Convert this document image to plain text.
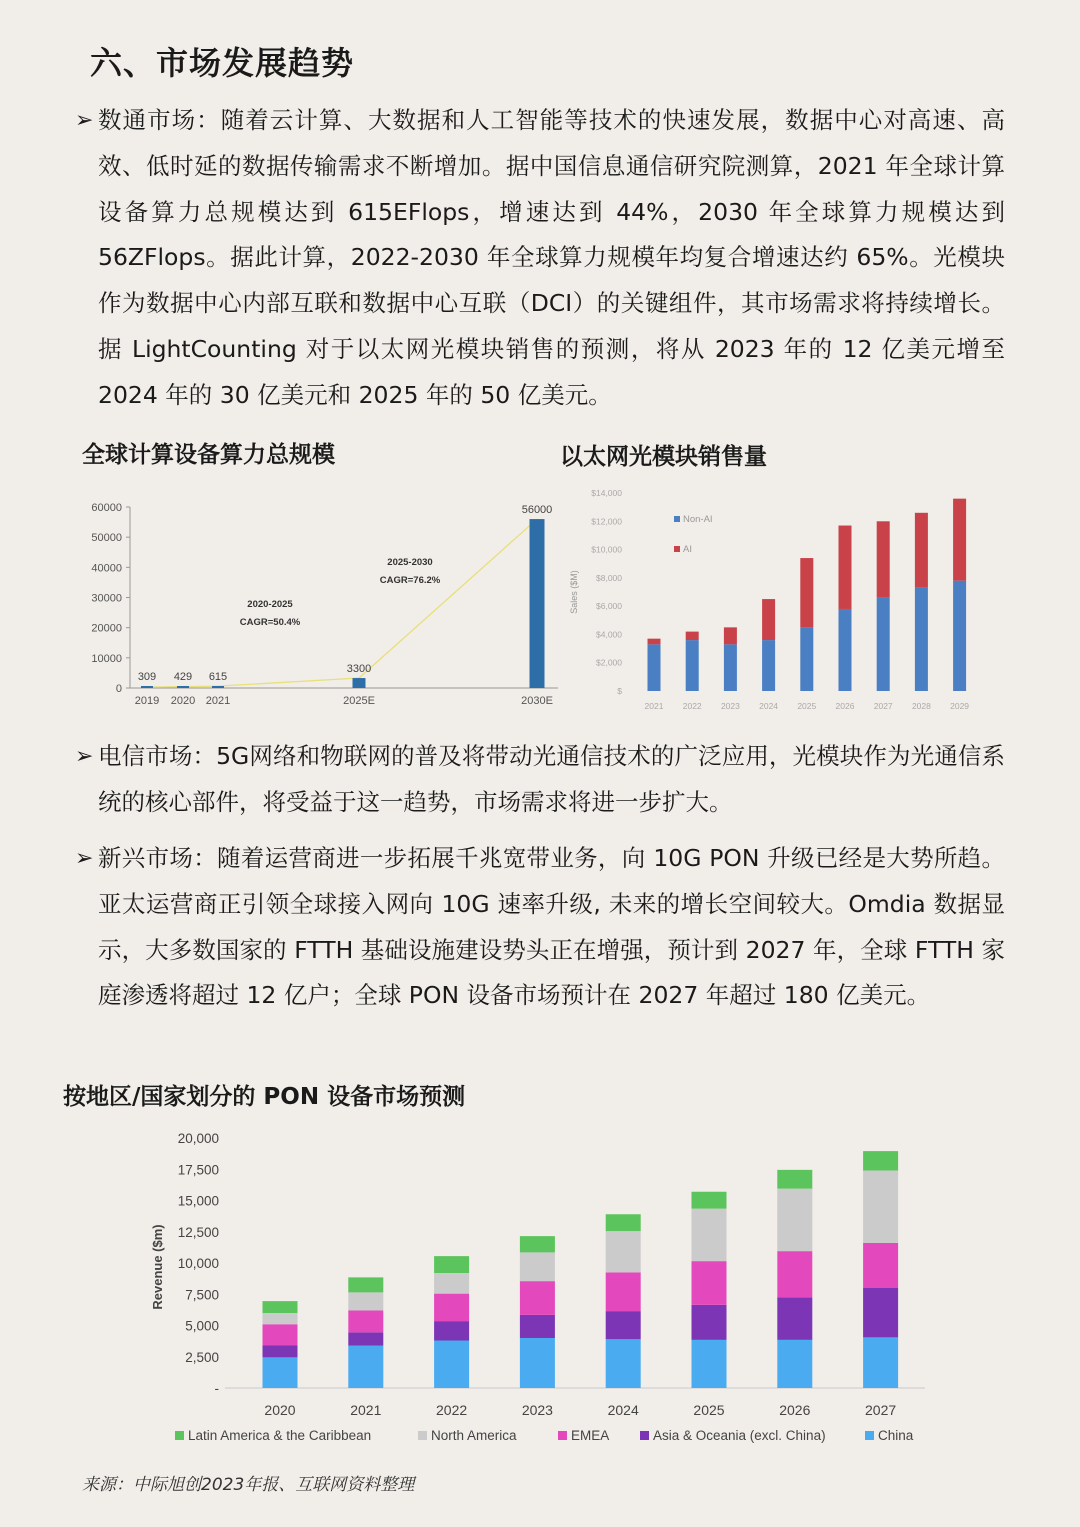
六、市场发展趋势
➢ 数通市场：随着云计算、大数据和人工智能等技术的快速发展，数据中心对高速、高效、低时延的数据传输需求不断增加。据中国信息通信研究院测算，2021 年全球计算设备算力总规模达到 615EFlops，增速达到 44%，2030 年全球算力规模达到 56ZFlops。据此计算，2022-2030 年全球算力规模年均复合增速达约 65%。光模块作为数据中心内部互联和数据中心互联（DCI）的关键组件，其市场需求将持续增长。据 LightCounting 对于以太网光模块销售的预测，将从 2023 年的 12 亿美元增至 2024 年的 30 亿美元和 2025 年的 50 亿美元。
全球计算设备算力总规模	以太网光模块销售量
0
10000
20000
30000
40000
50000
60000
309
2019
429
2020
615
2021
3300
2025E
56000
2030E
2020-2025
CAGR=50.4%
2025-2030
CAGR=76.2%	Sales ($M)
$
$2,000
$4,000
$6,000
$8,000
$10,000
$12,000
$14,000
2021 2022 2023 2024 2025 2026 2027 2028 2029
Non-AI
AI
➢ 电信市场：5G网络和物联网的普及将带动光通信技术的广泛应用，光模块作为光通信系统的核心部件，将受益于这一趋势，市场需求将进一步扩大。
➢ 新兴市场：随着运营商进一步拓展千兆宽带业务，向 10G PON 升级已经是大势所趋。亚太运营商正引领全球接入网向 10G 速率升级, 未来的增长空间较大。Omdia 数据显示，大多数国家的 FTTH 基础设施建设势头正在增强，预计到 2027 年，全球 FTTH 家庭渗透将超过 12 亿户；全球 PON 设备市场预计在 2027 年超过 180 亿美元。
按地区/国家划分的 PON 设备市场预测
Revenue ($m)
-
2,500
5,000
7,500
10,000
12,500
15,000
17,500
20,000
2020	2021	2022	2023	2024	2025	2026	2027
Latin America & the Caribbean	North America	EMEA	Asia & Oceania (excl. China)	China
来源：中际旭创2023年报、互联网资料整理
